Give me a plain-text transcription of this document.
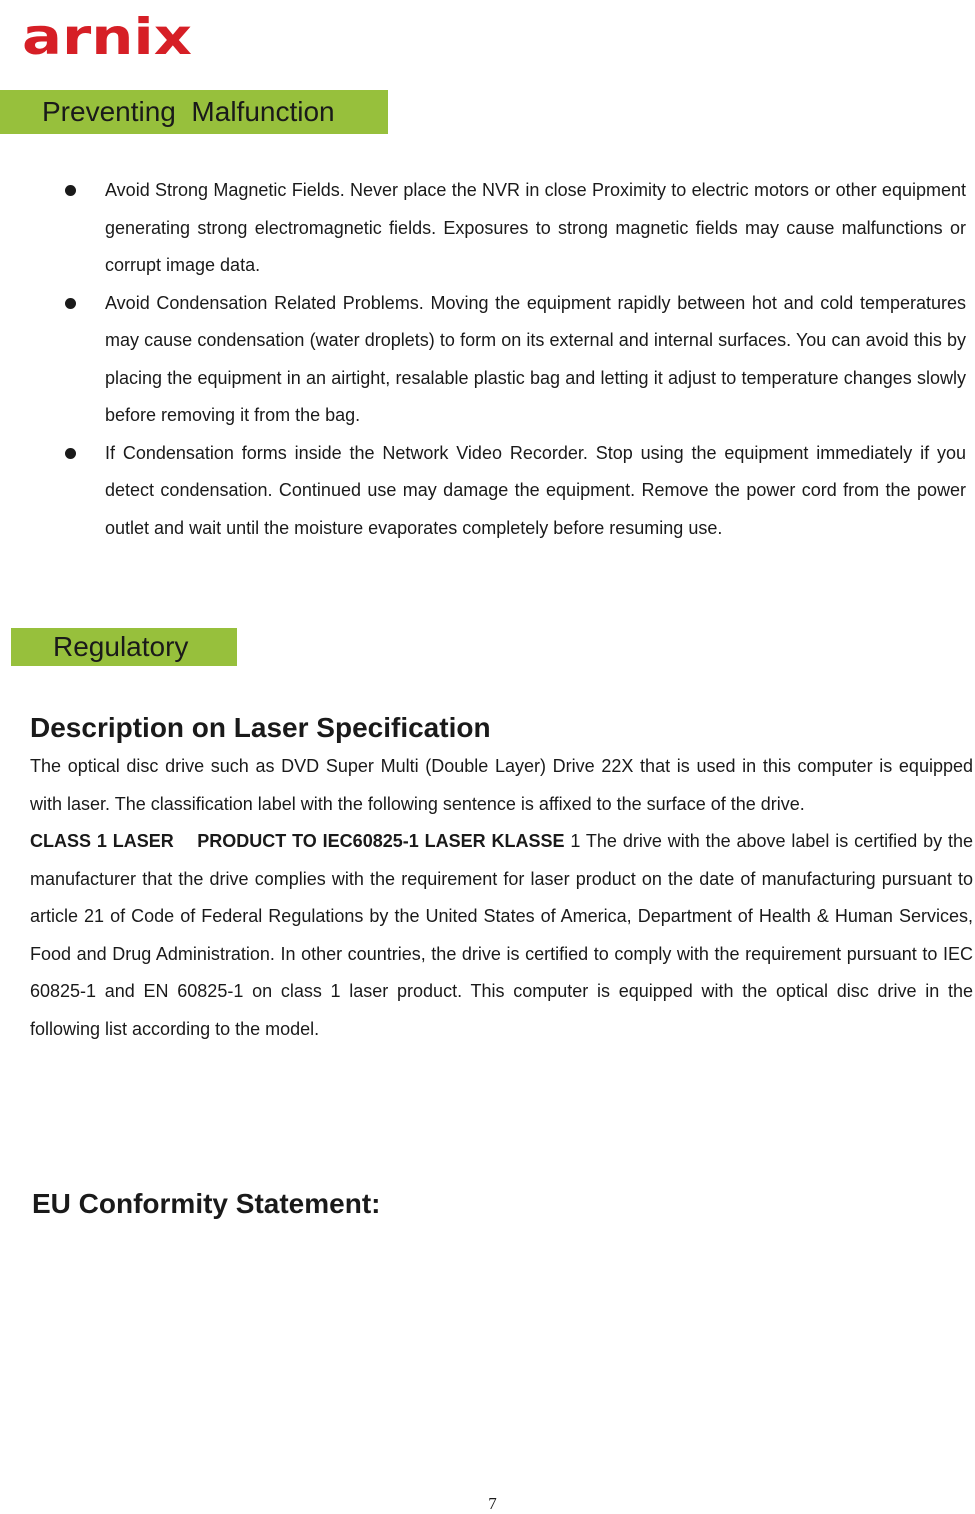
arnix
Preventing  Malfunction
Avoid Strong Magnetic Fields. Never place the NVR in close Proximity to electric motors or other equipment generating strong electromagnetic fields. Exposures to strong magnetic fields may cause malfunctions or corrupt image data.
Avoid Condensation Related Problems. Moving the equipment rapidly between hot and cold temperatures may cause condensation (water droplets) to form on its external and internal surfaces. You can avoid this by placing the equipment in an airtight, resalable plastic bag and letting it adjust to temperature changes slowly before removing it from the bag.
If Condensation forms inside the Network Video Recorder. Stop using the equipment immediately if you detect condensation. Continued use may damage the equipment. Remove the power cord from the power outlet and wait until the moisture evaporates completely before resuming use.
Regulatory
Description on Laser Specification

The optical disc drive such as DVD Super Multi (Double Layer) Drive 22X that is used in this computer is equipped with laser. The classification label with the following sentence is affixed to the surface of the drive.
CLASS 1 LASER    PRODUCT TO IEC60825-1 LASER KLASSE 1 The drive with the above label is certified by the manufacturer that the drive complies with the requirement for laser product on the date of manufacturing pursuant to article 21 of Code of Federal Regulations by the United States of America, Department of Health & Human Services, Food and Drug Administration. In other countries, the drive is certified to comply with the requirement pursuant to IEC 60825-1 and EN 60825-1 on class 1 laser product. This computer is equipped with the optical disc drive in the following list according to the model.

EU Conformity Statement:
7
